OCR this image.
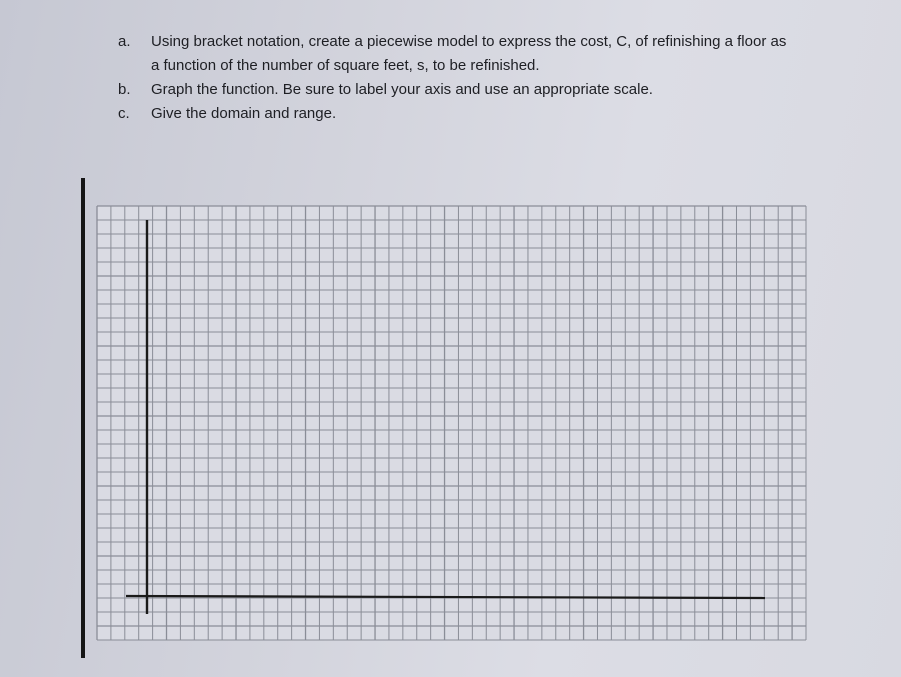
a. Using bracket notation, create a piecewise model to express the cost, C, of refinishing a floor as
a function of the number of square feet, s, to be refinished.
b. Graph the function. Be sure to label your axis and use an appropriate scale.
c. Give the domain and range.
